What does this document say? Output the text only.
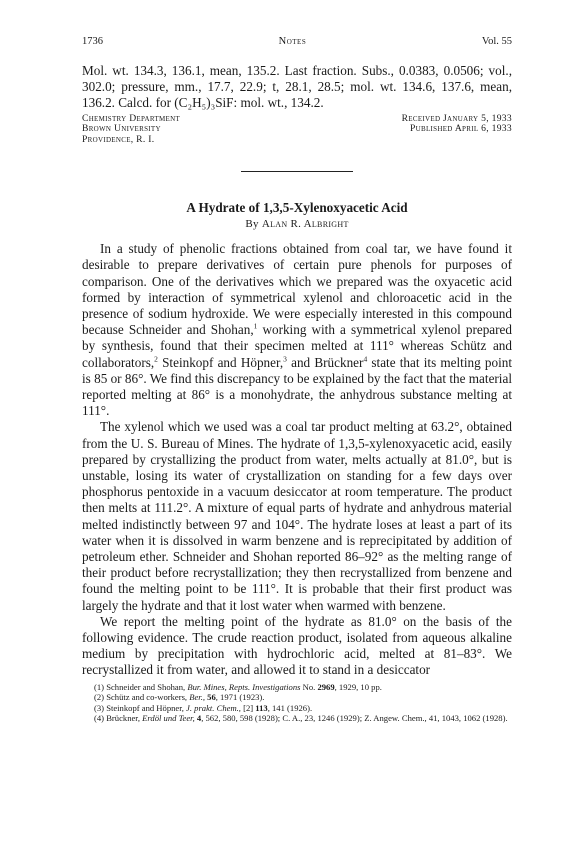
1736	Notes	Vol. 55

Mol. wt. 134.3, 136.1, mean, 135.2. Last fraction. Subs., 0.0383, 0.0506; vol., 302.0; pressure, mm., 17.7, 22.9; t, 28.1, 28.5; mol. wt. 134.6, 137.6, mean, 136.2. Calcd. for (C₂H₅)₃SiF: mol. wt., 134.2.

Chemistry Department
Brown University
Providence, R. I.
Received January 5, 1933
Published April 6, 1933
A Hydrate of 1,3,5-Xylenoxyacetic Acid
By Alan R. Albright

In a study of phenolic fractions obtained from coal tar, we have found it desirable to prepare derivatives of certain pure phenols for purposes of comparison. One of the derivatives which we prepared was the oxyacetic acid formed by interaction of symmetrical xylenol and chloroacetic acid in the presence of sodium hydroxide. We were especially interested in this compound because Schneider and Shohan,$^1$ working with a symmetrical xylenol prepared by synthesis, found that their specimen melted at 111° whereas Schütz and collaborators,$^2$ Steinkopf and Höpner,$^3$ and Brückner$^4$ state that its melting point is 85 or 86°. We find this discrepancy to be explained by the fact that the material reported melting at 86° is a monohydrate, the anhydrous substance melting at 111°.

The xylenol which we used was a coal tar product melting at 63.2°, obtained from the U. S. Bureau of Mines. The hydrate of 1,3,5-xylenoxyacetic acid, easily prepared by crystallizing the product from water, melts actually at 81.0°, but is unstable, losing its water of crystallization on standing for a few days over phosphorus pentoxide in a vacuum desiccator at room temperature. The product then melts at 111.2°. A mixture of equal parts of hydrate and anhydrous material melted indistinctly between 97 and 104°. The hydrate loses at least a part of its water when it is dissolved in warm benzene and is reprecipitated by addition of petroleum ether. Schneider and Shohan reported 86–92° as the melting range of their product before recrystallization; they then recrystallized from benzene and found the melting point to be 111°. It is probable that their first product was largely the hydrate and that it lost water when warmed with benzene.

We report the melting point of the hydrate as 81.0° on the basis of the following evidence. The crude reaction product, isolated from aqueous alkaline medium by precipitation with hydrochloric acid, melted at 81–83°. We recrystallized it from water, and allowed it to stand in a desiccator

(1) Schneider and Shohan, Bur. Mines, Repts. Investigations No. 2969, 1929, 10 pp.
(2) Schütz and co-workers, Ber., 56, 1971 (1923).
(3) Steinkopf and Höpner, J. prakt. Chem., [2] 113, 141 (1926).
(4) Brückner, Erdöl und Teer, 4, 562, 580, 598 (1928); C. A., 23, 1246 (1929); Z. Angew. Chem., 41, 1043, 1062 (1928).
